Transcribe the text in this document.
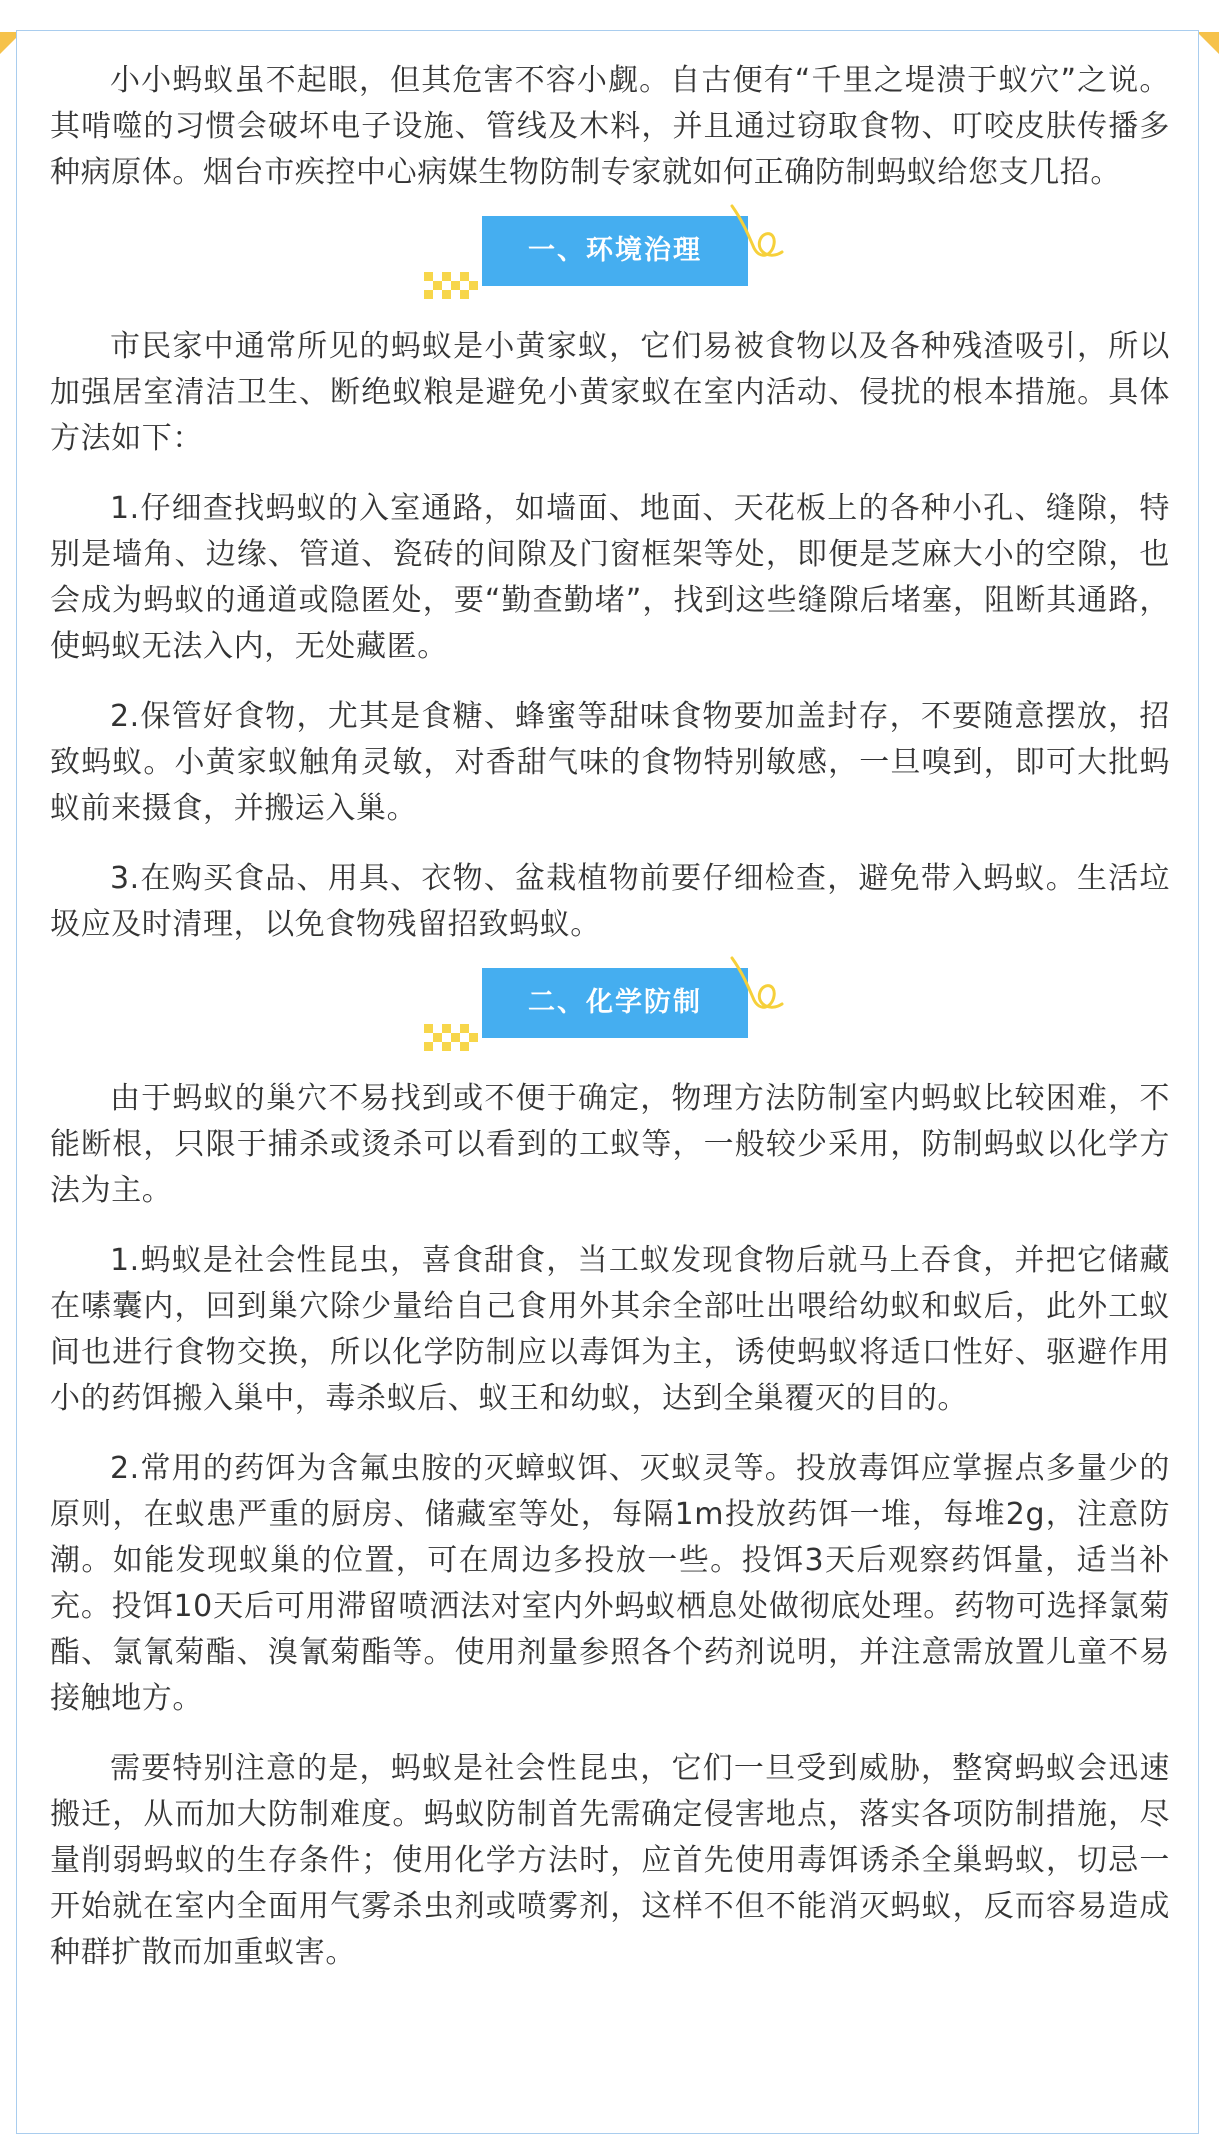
小小蚂蚁虽不起眼，但其危害不容小觑。自古便有“千里之堤溃于蚁穴”之说。其啃噬的习惯会破坏电子设施、管线及木料，并且通过窃取食物、叮咬皮肤传播多种病原体。烟台市疾控中心病媒生物防制专家就如何正确防制蚂蚁给您支几招。

一、环境治理

市民家中通常所见的蚂蚁是小黄家蚁，它们易被食物以及各种残渣吸引，所以加强居室清洁卫生、断绝蚁粮是避免小黄家蚁在室内活动、侵扰的根本措施。具体方法如下：

1.仔细查找蚂蚁的入室通路，如墙面、地面、天花板上的各种小孔、缝隙，特别是墙角、边缘、管道、瓷砖的间隙及门窗框架等处，即便是芝麻大小的空隙，也会成为蚂蚁的通道或隐匿处，要“勤查勤堵”，找到这些缝隙后堵塞，阻断其通路，使蚂蚁无法入内，无处藏匿。

2.保管好食物，尤其是食糖、蜂蜜等甜味食物要加盖封存，不要随意摆放，招致蚂蚁。小黄家蚁触角灵敏，对香甜气味的食物特别敏感，一旦嗅到，即可大批蚂蚁前来摄食，并搬运入巢。

3.在购买食品、用具、衣物、盆栽植物前要仔细检查，避免带入蚂蚁。生活垃圾应及时清理，以免食物残留招致蚂蚁。

二、化学防制

由于蚂蚁的巢穴不易找到或不便于确定，物理方法防制室内蚂蚁比较困难，不能断根，只限于捕杀或烫杀可以看到的工蚁等，一般较少采用，防制蚂蚁以化学方法为主。

1.蚂蚁是社会性昆虫，喜食甜食，当工蚁发现食物后就马上吞食，并把它储藏在嗉囊内，回到巢穴除少量给自己食用外其余全部吐出喂给幼蚁和蚁后，此外工蚁间也进行食物交换，所以化学防制应以毒饵为主，诱使蚂蚁将适口性好、驱避作用小的药饵搬入巢中，毒杀蚁后、蚁王和幼蚁，达到全巢覆灭的目的。

2.常用的药饵为含氟虫胺的灭蟑蚁饵、灭蚁灵等。投放毒饵应掌握点多量少的原则，在蚁患严重的厨房、储藏室等处，每隔1m投放药饵一堆，每堆2g，注意防潮。如能发现蚁巢的位置，可在周边多投放一些。投饵3天后观察药饵量，适当补充。投饵10天后可用滞留喷洒法对室内外蚂蚁栖息处做彻底处理。药物可选择氯菊酯、氯氰菊酯、溴氰菊酯等。使用剂量参照各个药剂说明，并注意需放置儿童不易接触地方。

需要特别注意的是，蚂蚁是社会性昆虫，它们一旦受到威胁，整窝蚂蚁会迅速搬迁，从而加大防制难度。蚂蚁防制首先需确定侵害地点，落实各项防制措施，尽量削弱蚂蚁的生存条件；使用化学方法时，应首先使用毒饵诱杀全巢蚂蚁，切忌一开始就在室内全面用气雾杀虫剂或喷雾剂，这样不但不能消灭蚂蚁，反而容易造成种群扩散而加重蚁害。
